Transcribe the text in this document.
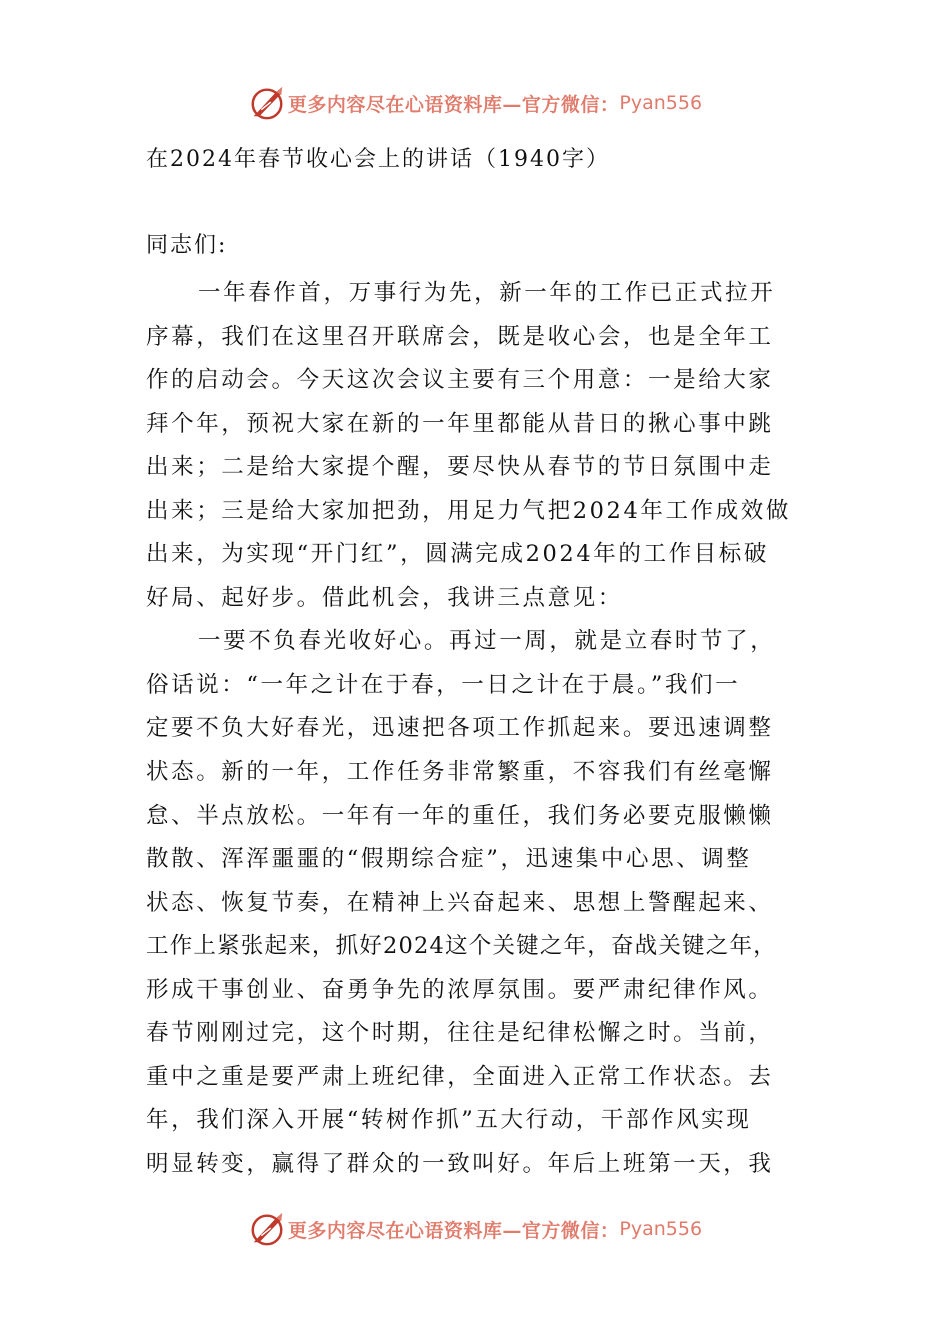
更多内容尽在心语资料库—官方微信： Pyan556
在2024年春节收心会上的讲话（1940字）

同志们:

一年春作首，万事行为先，新一年的工作已正式拉开
序幕，我们在这里召开联席会，既是收心会，也是全年工
作的启动会。今天这次会议主要有三个用意：一是给大家
拜个年，预祝大家在新的一年里都能从昔日的揪心事中跳
出来；二是给大家提个醒，要尽快从春节的节日氛围中走
出来；三是给大家加把劲，用足力气把2024年工作成效做
出来，为实现“开门红”，圆满完成2024年的工作目标破
好局、起好步。借此机会，我讲三点意见：
一要不负春光收好心。再过一周，就是立春时节了，
俗话说：“一年之计在于春，一日之计在于晨。”我们一
定要不负大好春光，迅速把各项工作抓起来。要迅速调整
状态。新的一年，工作任务非常繁重，不容我们有丝毫懈
怠、半点放松。一年有一年的重任，我们务必要克服懒懒
散散、浑浑噩噩的“假期综合症”，迅速集中心思、调整
状态、恢复节奏，在精神上兴奋起来、思想上警醒起来、
工作上紧张起来，抓好2024这个关键之年，奋战关键之年，
形成干事创业、奋勇争先的浓厚氛围。要严肃纪律作风。
春节刚刚过完，这个时期，往往是纪律松懈之时。当前，
重中之重是要严肃上班纪律，全面进入正常工作状态。去
年，我们深入开展“转树作抓”五大行动，干部作风实现
明显转变，赢得了群众的一致叫好。年后上班第一天，我
更多内容尽在心语资料库—官方微信： Pyan556
